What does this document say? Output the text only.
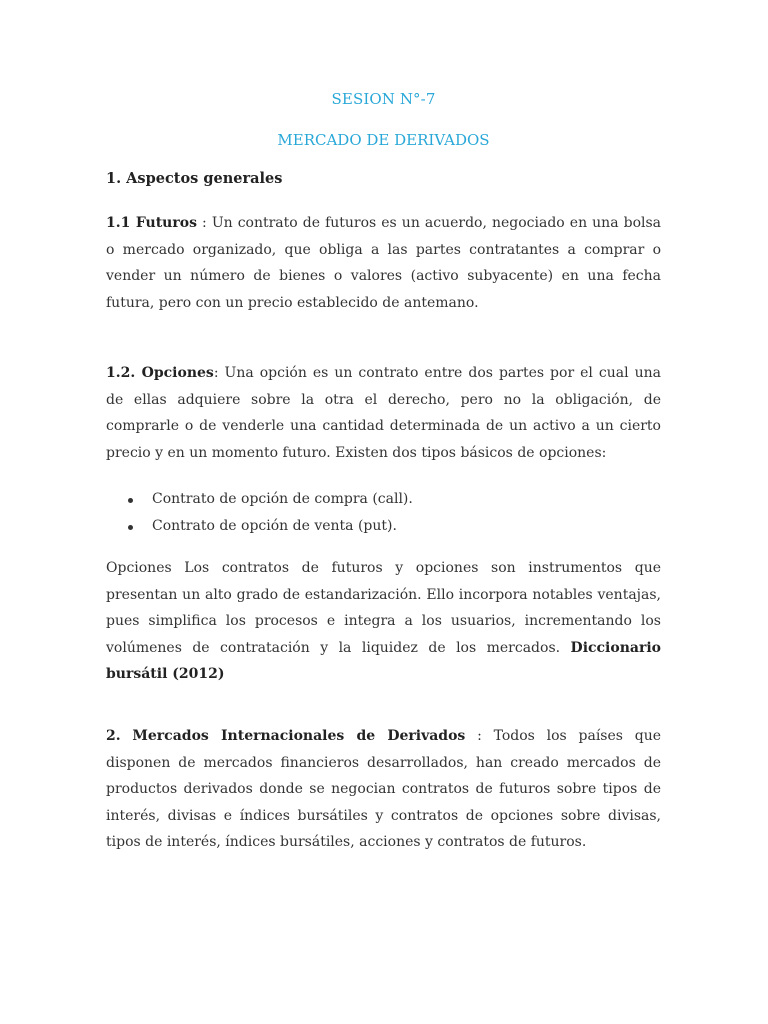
SESION N°-7
MERCADO DE DERIVADOS
1. Aspectos generales

1.1 Futuros : Un contrato de futuros es un acuerdo, negociado en una bolsa o mercado organizado, que obliga a las partes contratantes a comprar o vender un número de bienes o valores (activo subyacente) en una fecha futura, pero con un precio establecido de antemano.

1.2. Opciones: Una opción es un contrato entre dos partes por el cual una de ellas adquiere sobre la otra el derecho, pero no la obligación, de comprarle o de venderle una cantidad determinada de un activo a un cierto precio y en un momento futuro. Existen dos tipos básicos de opciones:

Contrato de opción de compra (call).
Contrato de opción de venta (put).

Opciones Los contratos de futuros y opciones son instrumentos que presentan un alto grado de estandarización. Ello incorpora notables ventajas, pues simplifica los procesos e integra a los usuarios, incrementando los volúmenes de contratación y la liquidez de los mercados. Diccionario bursátil (2012)

2. Mercados Internacionales de Derivados : Todos los países que disponen de mercados financieros desarrollados, han creado mercados de productos derivados donde se negocian contratos de futuros sobre tipos de interés, divisas e índices bursátiles y contratos de opciones sobre divisas, tipos de interés, índices bursátiles, acciones y contratos de futuros.
